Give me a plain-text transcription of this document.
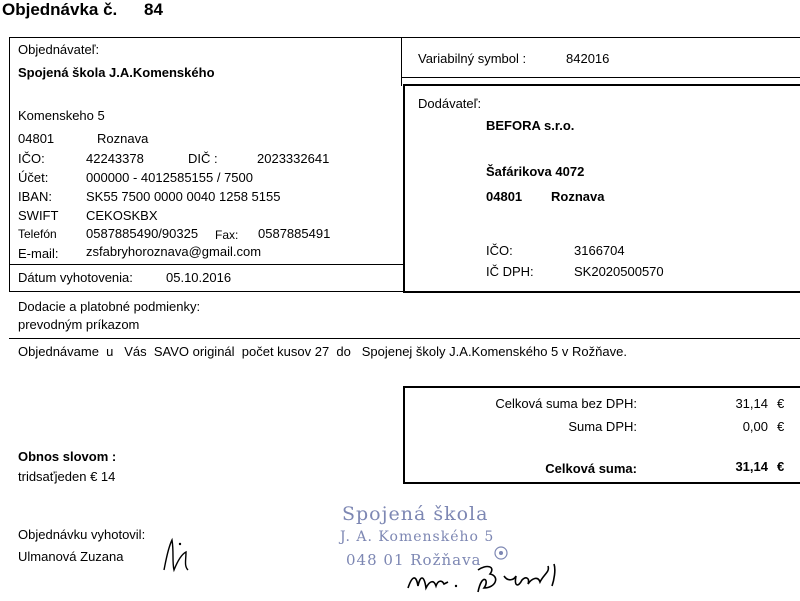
Objednávka č. 84
Objednávateľ:
Spojená škola J.A.Komenského
Komenskeho 5
04801	Roznava
IČO:	42243378	DIČ :	2023332641
Účet:	000000 - 4012585155 / 7500
IBAN:	SK55 7500 0000 0040 1258 5155
SWIFT CEKOSKBX
Telefón 0587885490/90325 Fax: 0587885491
E-mail: zsfabryhoroznava@gmail.com
Dátum vyhotovenia:	05.10.2016
Variabilný symbol :	842016
Dodávateľ:
BEFORA s.r.o.
Šafárikova 4072
04801 Roznava
IČO:	3166704
IČ DPH:	SK2020500570
Dodacie a platobné podmienky:
prevodným príkazom
Objednávame  u   Vás  SAVO originál  počet kusov 27  do   Spojenej školy J.A.Komenského 5 v Rožňave.
Celková suma bez DPH:	31,14 €
Suma DPH:	0,00 €
Celková suma:	31,14 €
Obnos slovom :
tridsaťjeden € 14
Objednávku vyhotovil:
Ulmanová Zuzana
Spojená škola
J. A. Komenského 5
048 01 Rožňava
